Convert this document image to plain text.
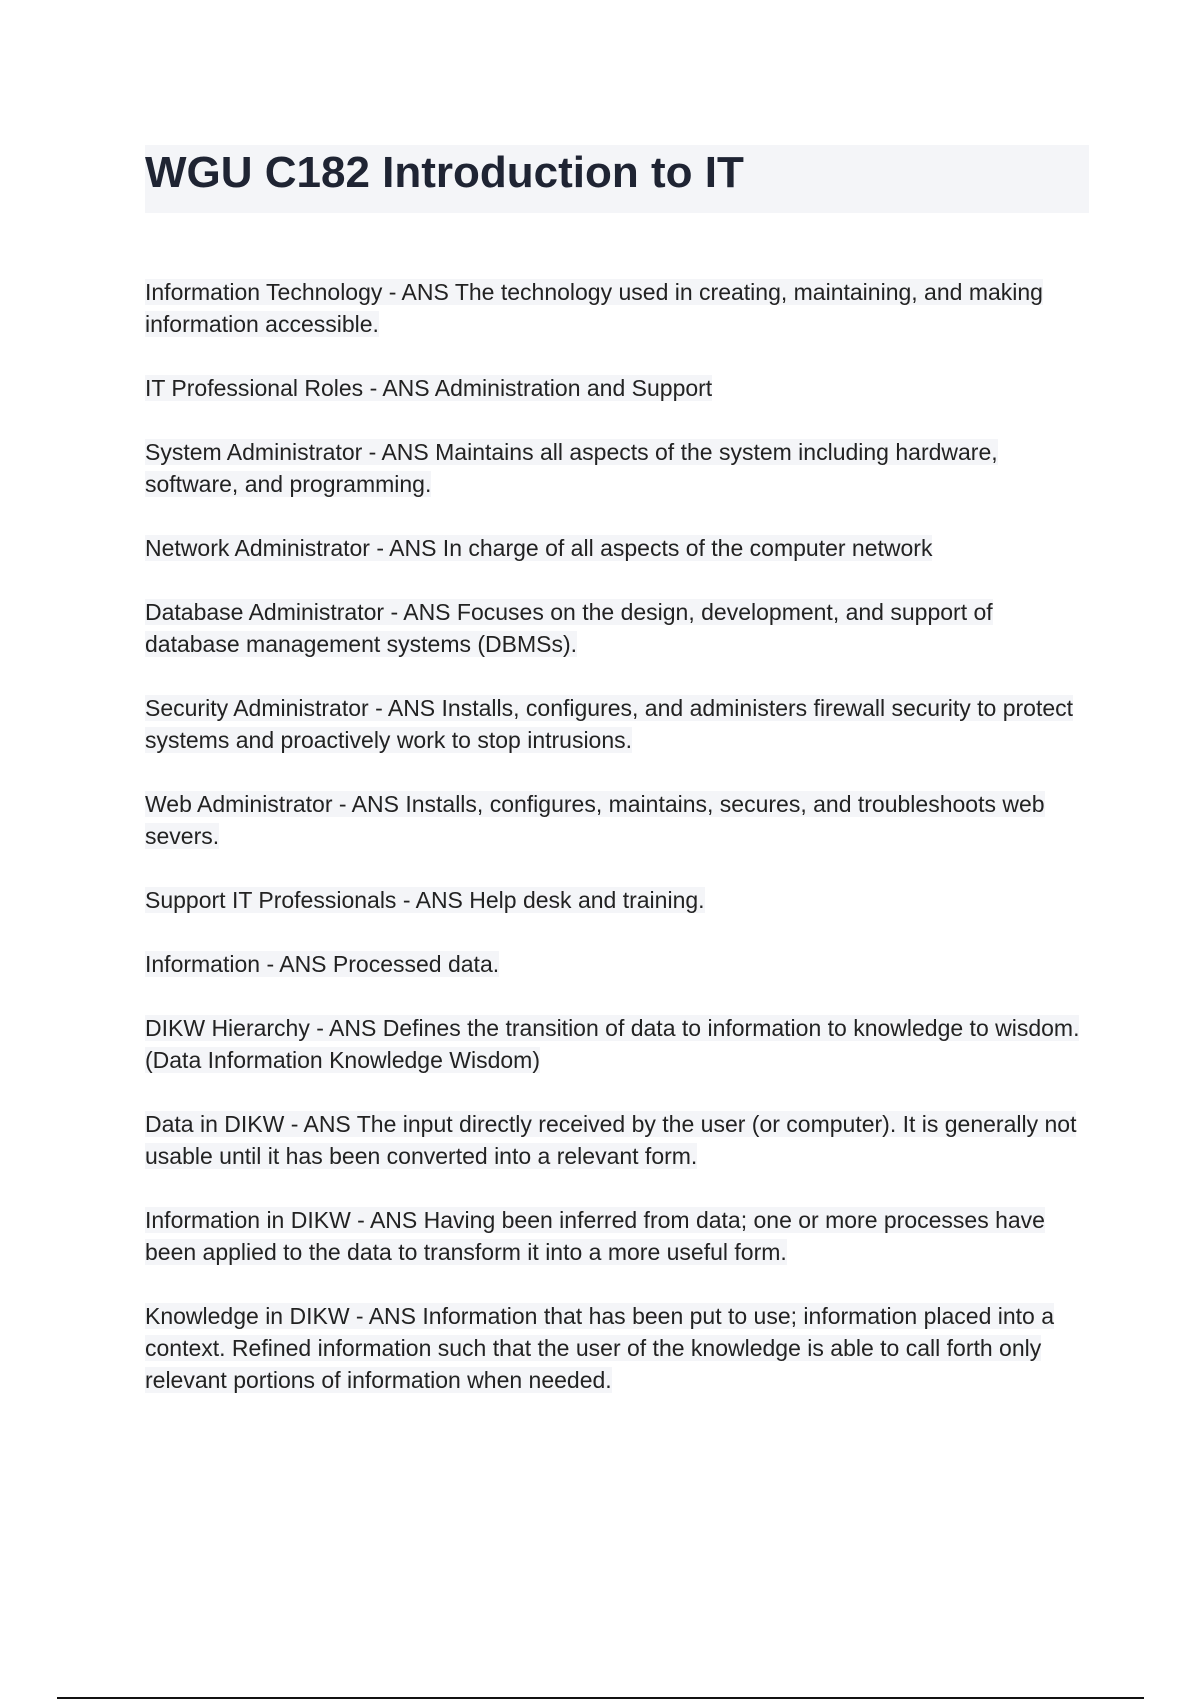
WGU C182 Introduction to IT

Information Technology - ANS The technology used in creating, maintaining, and making information accessible.

IT Professional Roles - ANS Administration and Support

System Administrator - ANS Maintains all aspects of the system including hardware, software, and programming.

Network Administrator - ANS In charge of all aspects of the computer network

Database Administrator - ANS Focuses on the design, development, and support of database management systems (DBMSs).

Security Administrator - ANS Installs, configures, and administers firewall security to protect systems and proactively work to stop intrusions.

Web Administrator - ANS Installs, configures, maintains, secures, and troubleshoots web severs.

Support IT Professionals - ANS Help desk and training.

Information - ANS Processed data.

DIKW Hierarchy - ANS Defines the transition of data to information to knowledge to wisdom. (Data Information Knowledge Wisdom)

Data in DIKW - ANS The input directly received by the user (or computer). It is generally not usable until it has been converted into a relevant form.

Information in DIKW - ANS Having been inferred from data; one or more processes have been applied to the data to transform it into a more useful form.

Knowledge in DIKW - ANS Information that has been put to use; information placed into a context. Refined information such that the user of the knowledge is able to call forth only relevant portions of information when needed.
